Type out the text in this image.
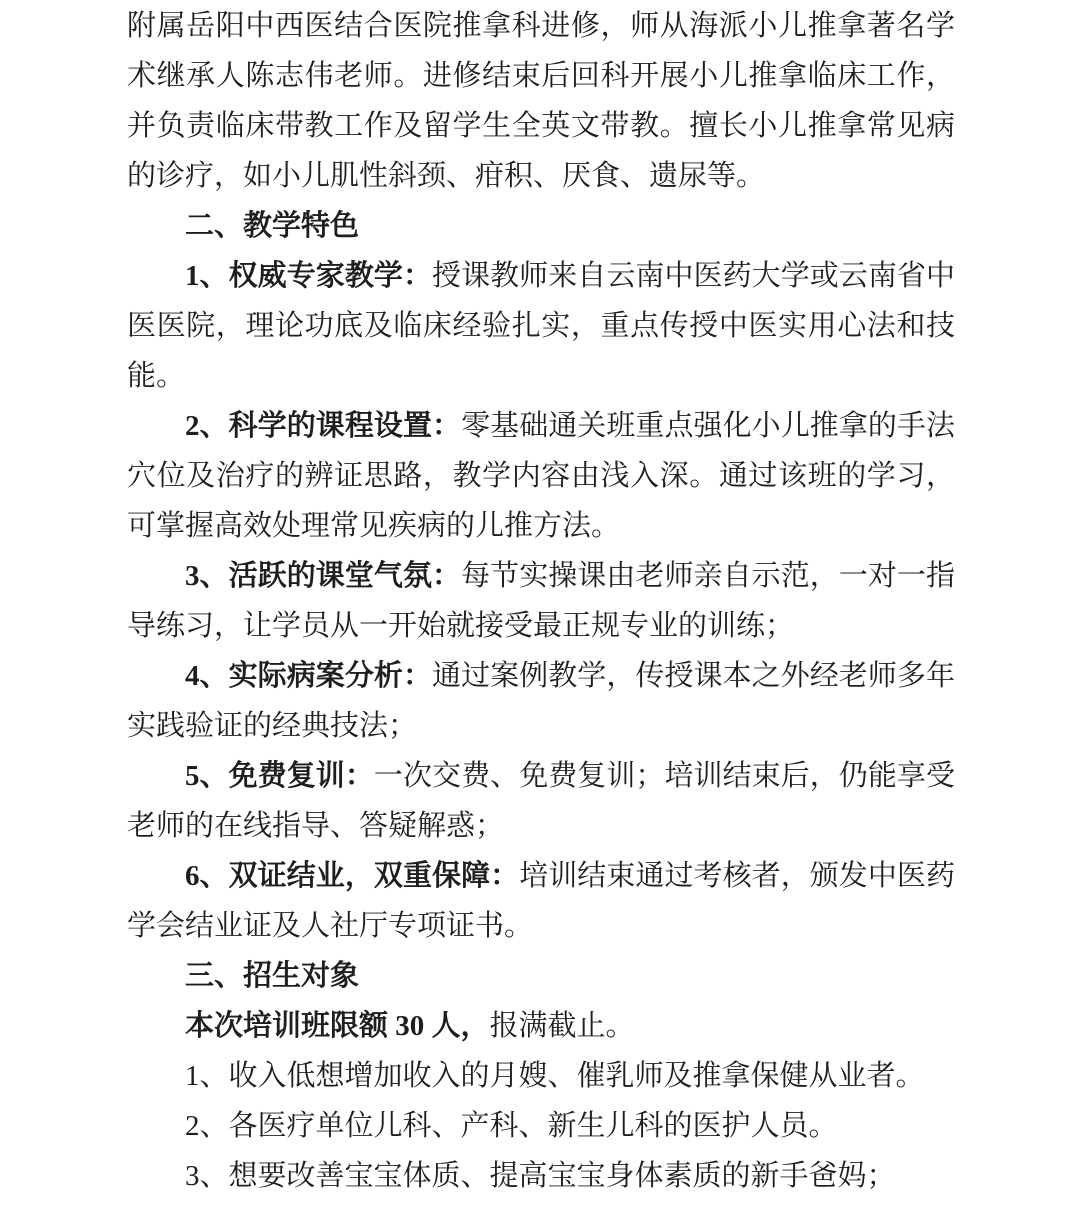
附属岳阳中西医结合医院推拿科进修，师从海派小儿推拿著名学术继承人陈志伟老师。进修结束后回科开展小儿推拿临床工作，并负责临床带教工作及留学生全英文带教。擅长小儿推拿常见病的诊疗，如小儿肌性斜颈、疳积、厌食、遗尿等。

二、教学特色

1、权威专家教学：授课教师来自云南中医药大学或云南省中医医院，理论功底及临床经验扎实，重点传授中医实用心法和技能。

2、科学的课程设置：零基础通关班重点强化小儿推拿的手法穴位及治疗的辨证思路，教学内容由浅入深。通过该班的学习，可掌握高效处理常见疾病的儿推方法。

3、活跃的课堂气氛：每节实操课由老师亲自示范，一对一指导练习，让学员从一开始就接受最正规专业的训练；

4、实际病案分析：通过案例教学，传授课本之外经老师多年实践验证的经典技法；

5、免费复训：一次交费、免费复训；培训结束后，仍能享受老师的在线指导、答疑解惑；

6、双证结业，双重保障：培训结束通过考核者，颁发中医药学会结业证及人社厅专项证书。

三、招生对象

本次培训班限额 30 人，报满截止。

1、收入低想增加收入的月嫂、催乳师及推拿保健从业者。

2、各医疗单位儿科、产科、新生儿科的医护人员。

3、想要改善宝宝体质、提高宝宝身体素质的新手爸妈；
